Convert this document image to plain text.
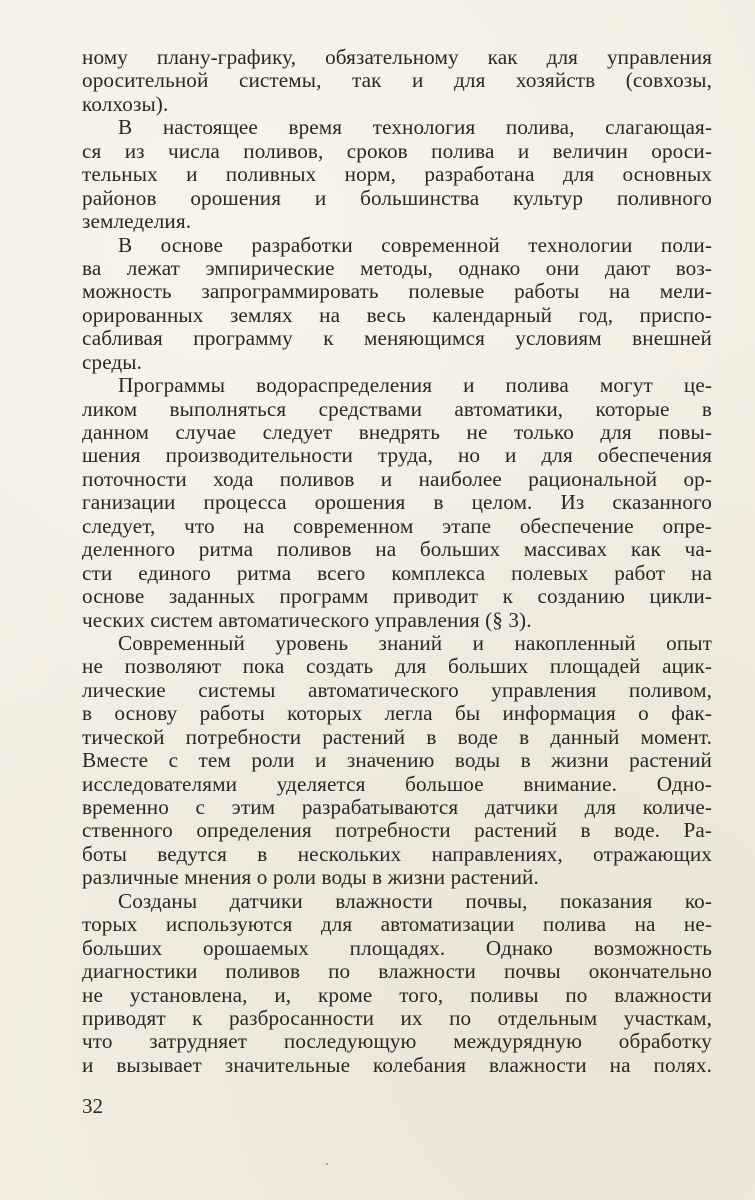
ному плану-графику, обязательному как для управления
оросительной системы, так и для хозяйств (совхозы,
колхозы).
В настоящее время технология полива, слагающая-
ся из числа поливов, сроков полива и величин ороси-
тельных и поливных норм, разработана для основных
районов орошения и большинства культур поливного
земледелия.
В основе разработки современной технологии поли-
ва лежат эмпирические методы, однако они дают воз-
можность запрограммировать полевые работы на мели-
орированных землях на весь календарный год, приспо-
сабливая программу к меняющимся условиям внешней
среды.
Программы водораспределения и полива могут це-
ликом выполняться средствами автоматики, которые в
данном случае следует внедрять не только для повы-
шения производительности труда, но и для обеспечения
поточности хода поливов и наиболее рациональной ор-
ганизации процесса орошения в целом. Из сказанного
следует, что на современном этапе обеспечение опре-
деленного ритма поливов на больших массивах как ча-
сти единого ритма всего комплекса полевых работ на
основе заданных программ приводит к созданию цикли-
ческих систем автоматического управления (§ 3).
Современный уровень знаний и накопленный опыт
не позволяют пока создать для больших площадей ацик-
лические системы автоматического управления поливом,
в основу работы которых легла бы информация о фак-
тической потребности растений в воде в данный момент.
Вместе с тем роли и значению воды в жизни растений
исследователями уделяется большое внимание. Одно-
временно с этим разрабатываются датчики для количе-
ственного определения потребности растений в воде. Ра-
боты ведутся в нескольких направлениях, отражающих
различные мнения о роли воды в жизни растений.
Созданы датчики влажности почвы, показания ко-
торых используются для автоматизации полива на не-
больших орошаемых площадях. Однако возможность
диагностики поливов по влажности почвы окончательно
не установлена, и, кроме того, поливы по влажности
приводят к разбросанности их по отдельным участкам,
что затрудняет последующую междурядную обработку
и вызывает значительные колебания влажности на полях.
32
